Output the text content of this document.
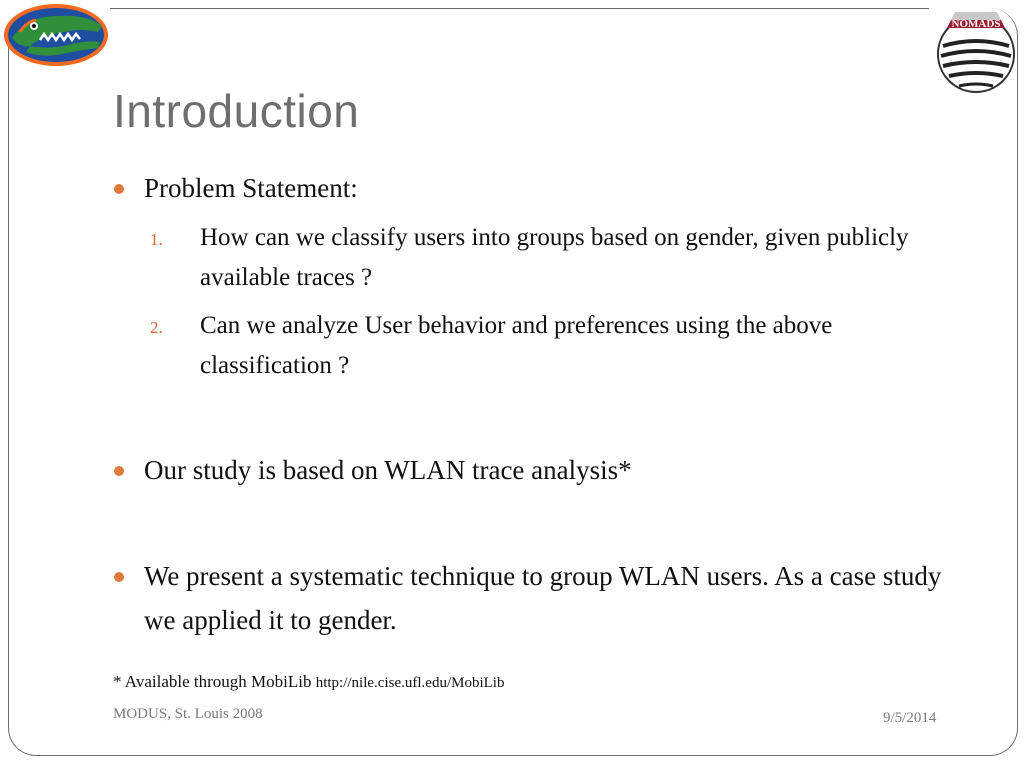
NOMADS
Introduction
Problem Statement:
1. How can we classify users into groups based on gender, given publicly available traces ?
2. Can we analyze User behavior and preferences using the above classification ?
Our study is based on WLAN trace analysis*
We present a systematic technique to group WLAN users. As a case study we applied it to gender.
* Available through MobiLib http://nile.cise.ufl.edu/MobiLib
MODUS, St. Louis 2008	9/5/2014
